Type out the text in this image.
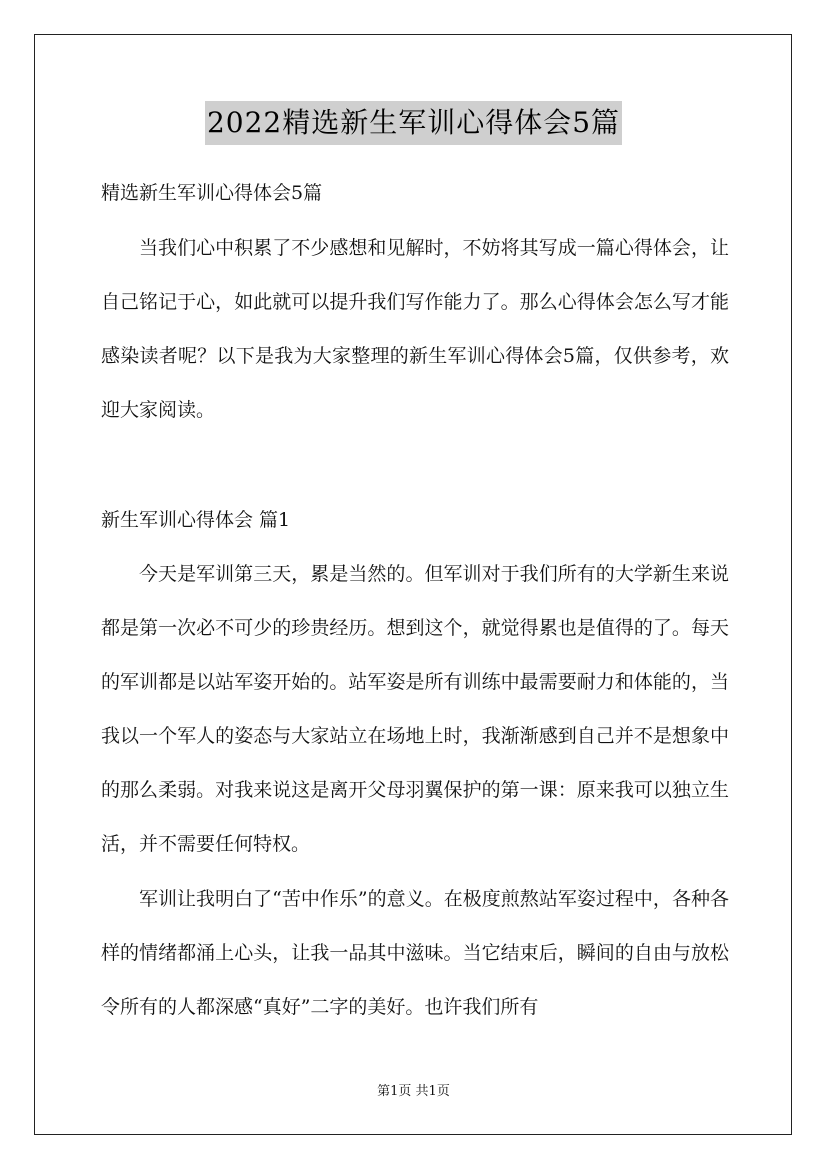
2022精选新生军训心得体会5篇
精选新生军训心得体会5篇

当我们心中积累了不少感想和见解时，不妨将其写成一篇心得体会，让自己铭记于心，如此就可以提升我们写作能力了。那么心得体会怎么写才能感染读者呢？以下是我为大家整理的新生军训心得体会5篇，仅供参考，欢迎大家阅读。

新生军训心得体会 篇1

今天是军训第三天，累是当然的。但军训对于我们所有的大学新生来说都是第一次必不可少的珍贵经历。想到这个，就觉得累也是值得的了。每天的军训都是以站军姿开始的。站军姿是所有训练中最需要耐力和体能的，当我以一个军人的姿态与大家站立在场地上时，我渐渐感到自己并不是想象中的那么柔弱。对我来说这是离开父母羽翼保护的第一课：原来我可以独立生活，并不需要任何特权。

军训让我明白了“苦中作乐”的意义。在极度煎熬站军姿过程中，各种各样的情绪都涌上心头，让我一品其中滋味。当它结束后，瞬间的自由与放松令所有的人都深感“真好”二字的美好。也许我们所有

第1页 共1页
